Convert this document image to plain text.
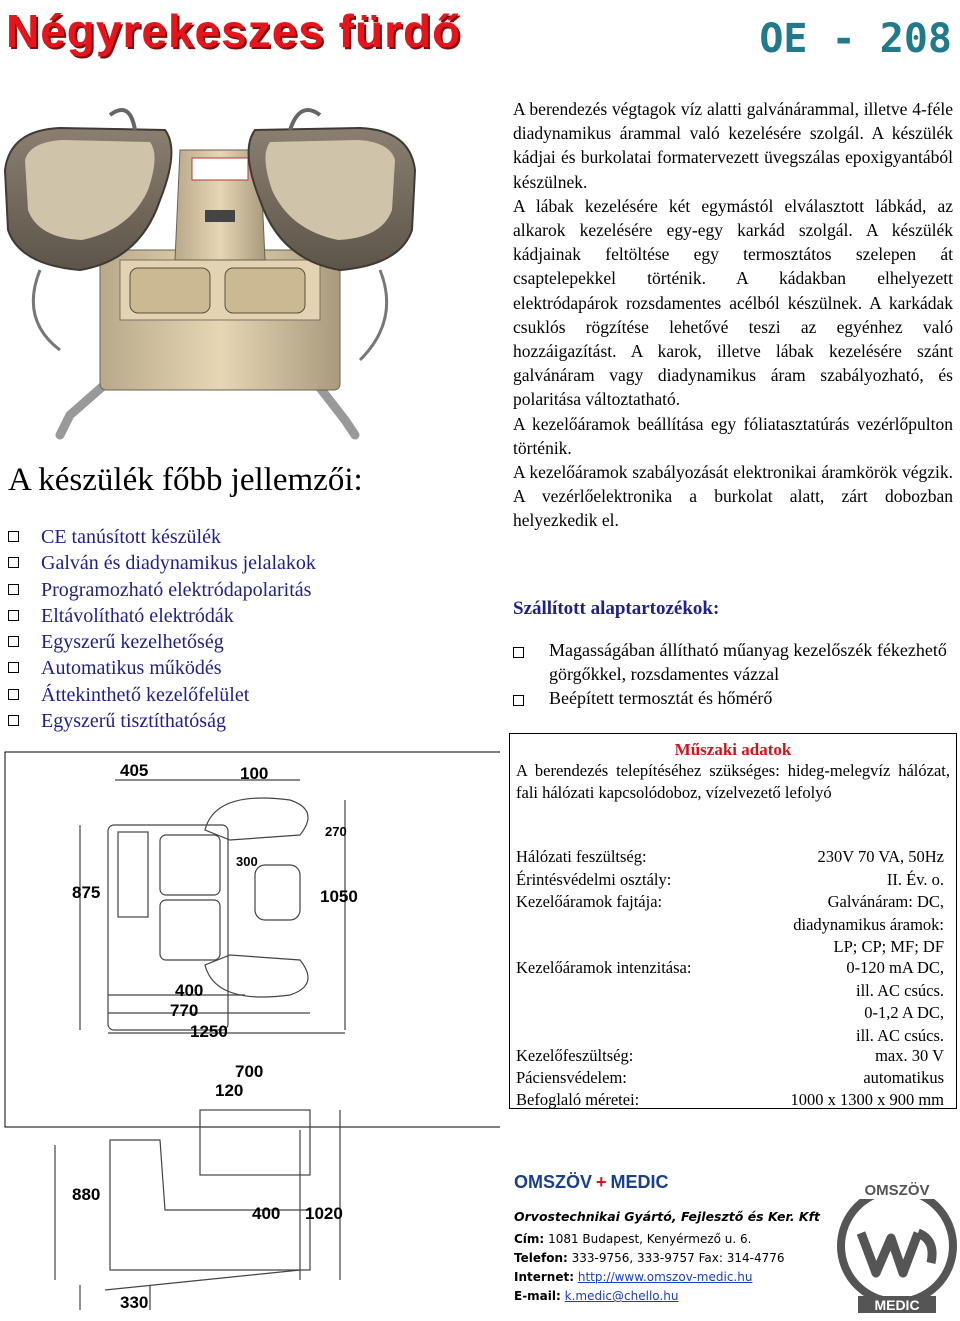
Négyrekeszes fürdő	OE - 208
A készülék főbb jellemzői:
CE tanúsított készülék
Galván és diadynamikus jelalakok
Programozható elektródapolaritás
Eltávolítható elektródák
Egyszerű kezelhetőség
Automatikus működés
Áttekinthető kezelőfelület
Egyszerű tisztíthatóság

A berendezés végtagok víz alatti galvánárammal, illetve 4-féle diadynamikus árammal való kezelésére szolgál. A készülék kádjai és burkolatai formatervezett üvegszálas epoxigyantából készülnek.

A lábak kezelésére két egymástól elválasztott lábkád, az alkarok kezelésére egy-egy karkád szolgál. A készülék kádjainak feltöltése egy termosztátos szelepen át csaptelepekkel történik. A kádakban elhelyezett elektródapárok rozsdamentes acélból készülnek. A karkádak csuklós rögzítése lehetővé teszi az egyénhez való hozzáigazítást. A karok, illetve lábak kezelésére szánt galvánáram vagy diadynamikus áram szabályozható, és polaritása változtatható.

A kezelőáramok beállítása egy fóliatasztatúrás vezérlőpulton történik.

A kezelőáramok szabályozását elektronikai áramkörök végzik. A vezérlőelektronika a burkolat alatt, zárt dobozban helyezkedik el.

Szállított alaptartozékok:
Magasságában állítható műanyag kezelőszék fékezhető görgőkkel, rozsdamentes vázzal
Beépített termosztát és hőmérő
Műszaki adatok
A berendezés telepítéséhez szükséges: hideg-melegvíz hálózat, fali hálózati kapcsolódoboz, vízelvezető lefolyó
Hálózati feszültség:	230V 70 VA, 50Hz
Érintésvédelmi osztály:	II. Év. o.
Kezelőáramok fajtája:	Galvánáram: DC,
diadynamikus áramok:
LP; CP; MF; DF
Kezelőáramok intenzitása:	0-120 mA DC,
ill. AC csúcs.
0-1,2 A DC,
ill. AC csúcs.
Kezelőfeszültség:	max. 30 V
Páciensvédelem:	automatikus
Befoglaló méretei:	1000 x 1300 x 900 mm
405	100
270
300
875	1050
400
770
1250
700
120
880
400 1020
330
OMSZÖV + MEDIC
Orvostechnikai Gyártó, Fejlesztő és Ker. Kft
Cím: 1081 Budapest, Kenyérmező u. 6.
Telefon: 333-9756, 333-9757 Fax: 314-4776
Internet: http://www.omszov-medic.hu
E-mail: k.medic@chello.hu
OMSZÖV
MEDIC
